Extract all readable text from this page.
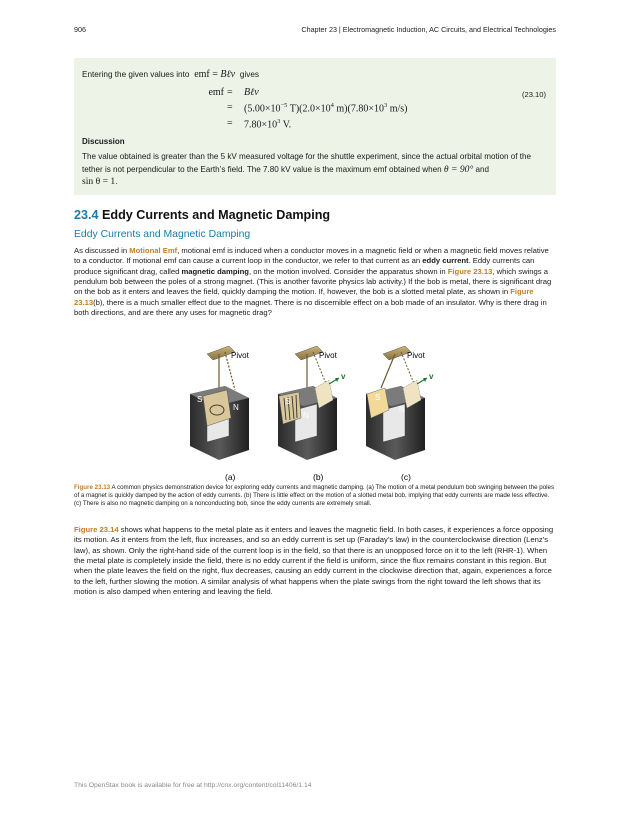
906	Chapter 23 | Electromagnetic Induction, AC Circuits, and Electrical Technologies
Entering the given values into emf = Bℓv gives
emf = Bℓv
= ($5.00\times 10^{-5}$ $T)(2.0\times 10^4$ $m)(7.80\times 10^3$ m/s)
= $7.80\times 10^3$ V.
(23.10)
Discussion
The value obtained is greater than the 5 kV measured voltage for the shuttle experiment, since the actual orbital motion of the tether is not perpendicular to the Earth’s field. The 7.80 kV value is the maximum emf obtained when θ = 90° and
sin θ = 1.
23.4 Eddy Currents and Magnetic Damping
Eddy Currents and Magnetic Damping
As discussed in Motional Emf, motional emf is induced when a conductor moves in a magnetic field or when a magnetic field moves relative to a conductor. If motional emf can cause a current loop in the conductor, we refer to that current as an eddy current. Eddy currents can produce significant drag, called magnetic damping, on the motion involved. Consider the apparatus shown in Figure 23.13, which swings a pendulum bob between the poles of a strong magnet. (This is another favorite physics lab activity.) If the bob is metal, there is significant drag on the bob as it enters and leaves the field, quickly damping the motion. If, however, the bob is a slotted metal plate, as shown in Figure 23.13(b), there is a much smaller effect due to the magnet. There is no discernible effect on a bob made of an insulator. Why is there drag in both directions, and are there any uses for magnetic drag?
Pivot
S
N
(a)
Pivot
v
S
N
(b)
Pivot
v
S
N
(c)
Figure 23.13 A common physics demonstration device for exploring eddy currents and magnetic damping. (a) The motion of a metal pendulum bob swinging between the poles of a magnet is quickly damped by the action of eddy currents. (b) There is little effect on the motion of a slotted metal bob, implying that eddy currents are made less effective. (c) There is also no magnetic damping on a nonconducting bob, since the eddy currents are extremely small.
Figure 23.14 shows what happens to the metal plate as it enters and leaves the magnetic field. In both cases, it experiences a force opposing its motion. As it enters from the left, flux increases, and so an eddy current is set up (Faraday’s law) in the counterclockwise direction (Lenz’s law), as shown. Only the right-hand side of the current loop is in the field, so that there is an unopposed force on it to the left (RHR-1). When the metal plate is completely inside the field, there is no eddy current if the field is uniform, since the flux remains constant in this region. But when the plate leaves the field on the right, flux decreases, causing an eddy current in the clockwise direction that, again, experiences a force to the left, further slowing the motion. A similar analysis of what happens when the plate swings from the right toward the left shows that its motion is also damped when entering and leaving the field.
This OpenStax book is available for free at http://cnx.org/content/col11406/1.14
